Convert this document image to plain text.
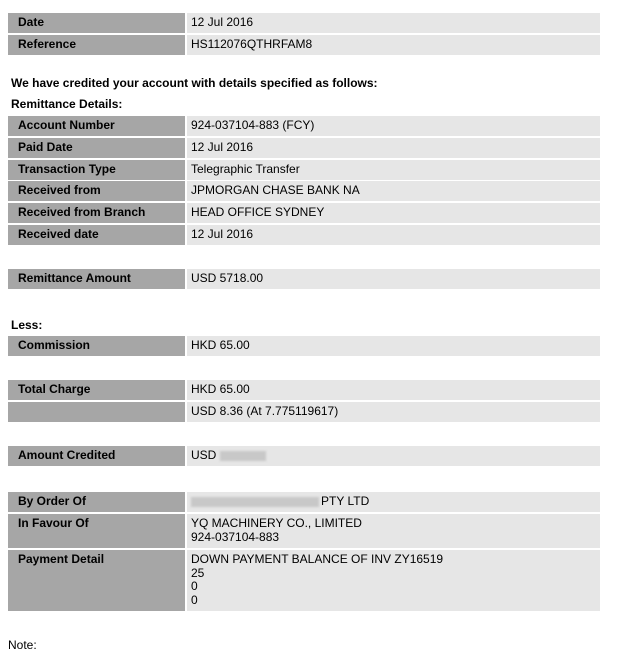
Date	12 Jul 2016
Reference	HS112076QTHRFAM8
We have credited your account with details specified as follows:
Remittance Details:
Account Number	924-037104-883 (FCY)
Paid Date	12 Jul 2016
Transaction Type	Telegraphic Transfer
Received from	JPMORGAN CHASE BANK NA
Received from Branch	HEAD OFFICE SYDNEY
Received date	12 Jul 2016
Remittance Amount	USD 5718.00
Less:
Commission	HKD 65.00
Total Charge	HKD 65.00
USD 8.36 (At 7.775119617)
Amount Credited	USD
By Order Of	PTY LTD
In Favour Of	YQ MACHINERY CO., LIMITED
924-037104-883
Payment Detail	DOWN PAYMENT BALANCE OF INV ZY16519
25
0
0
Note:
